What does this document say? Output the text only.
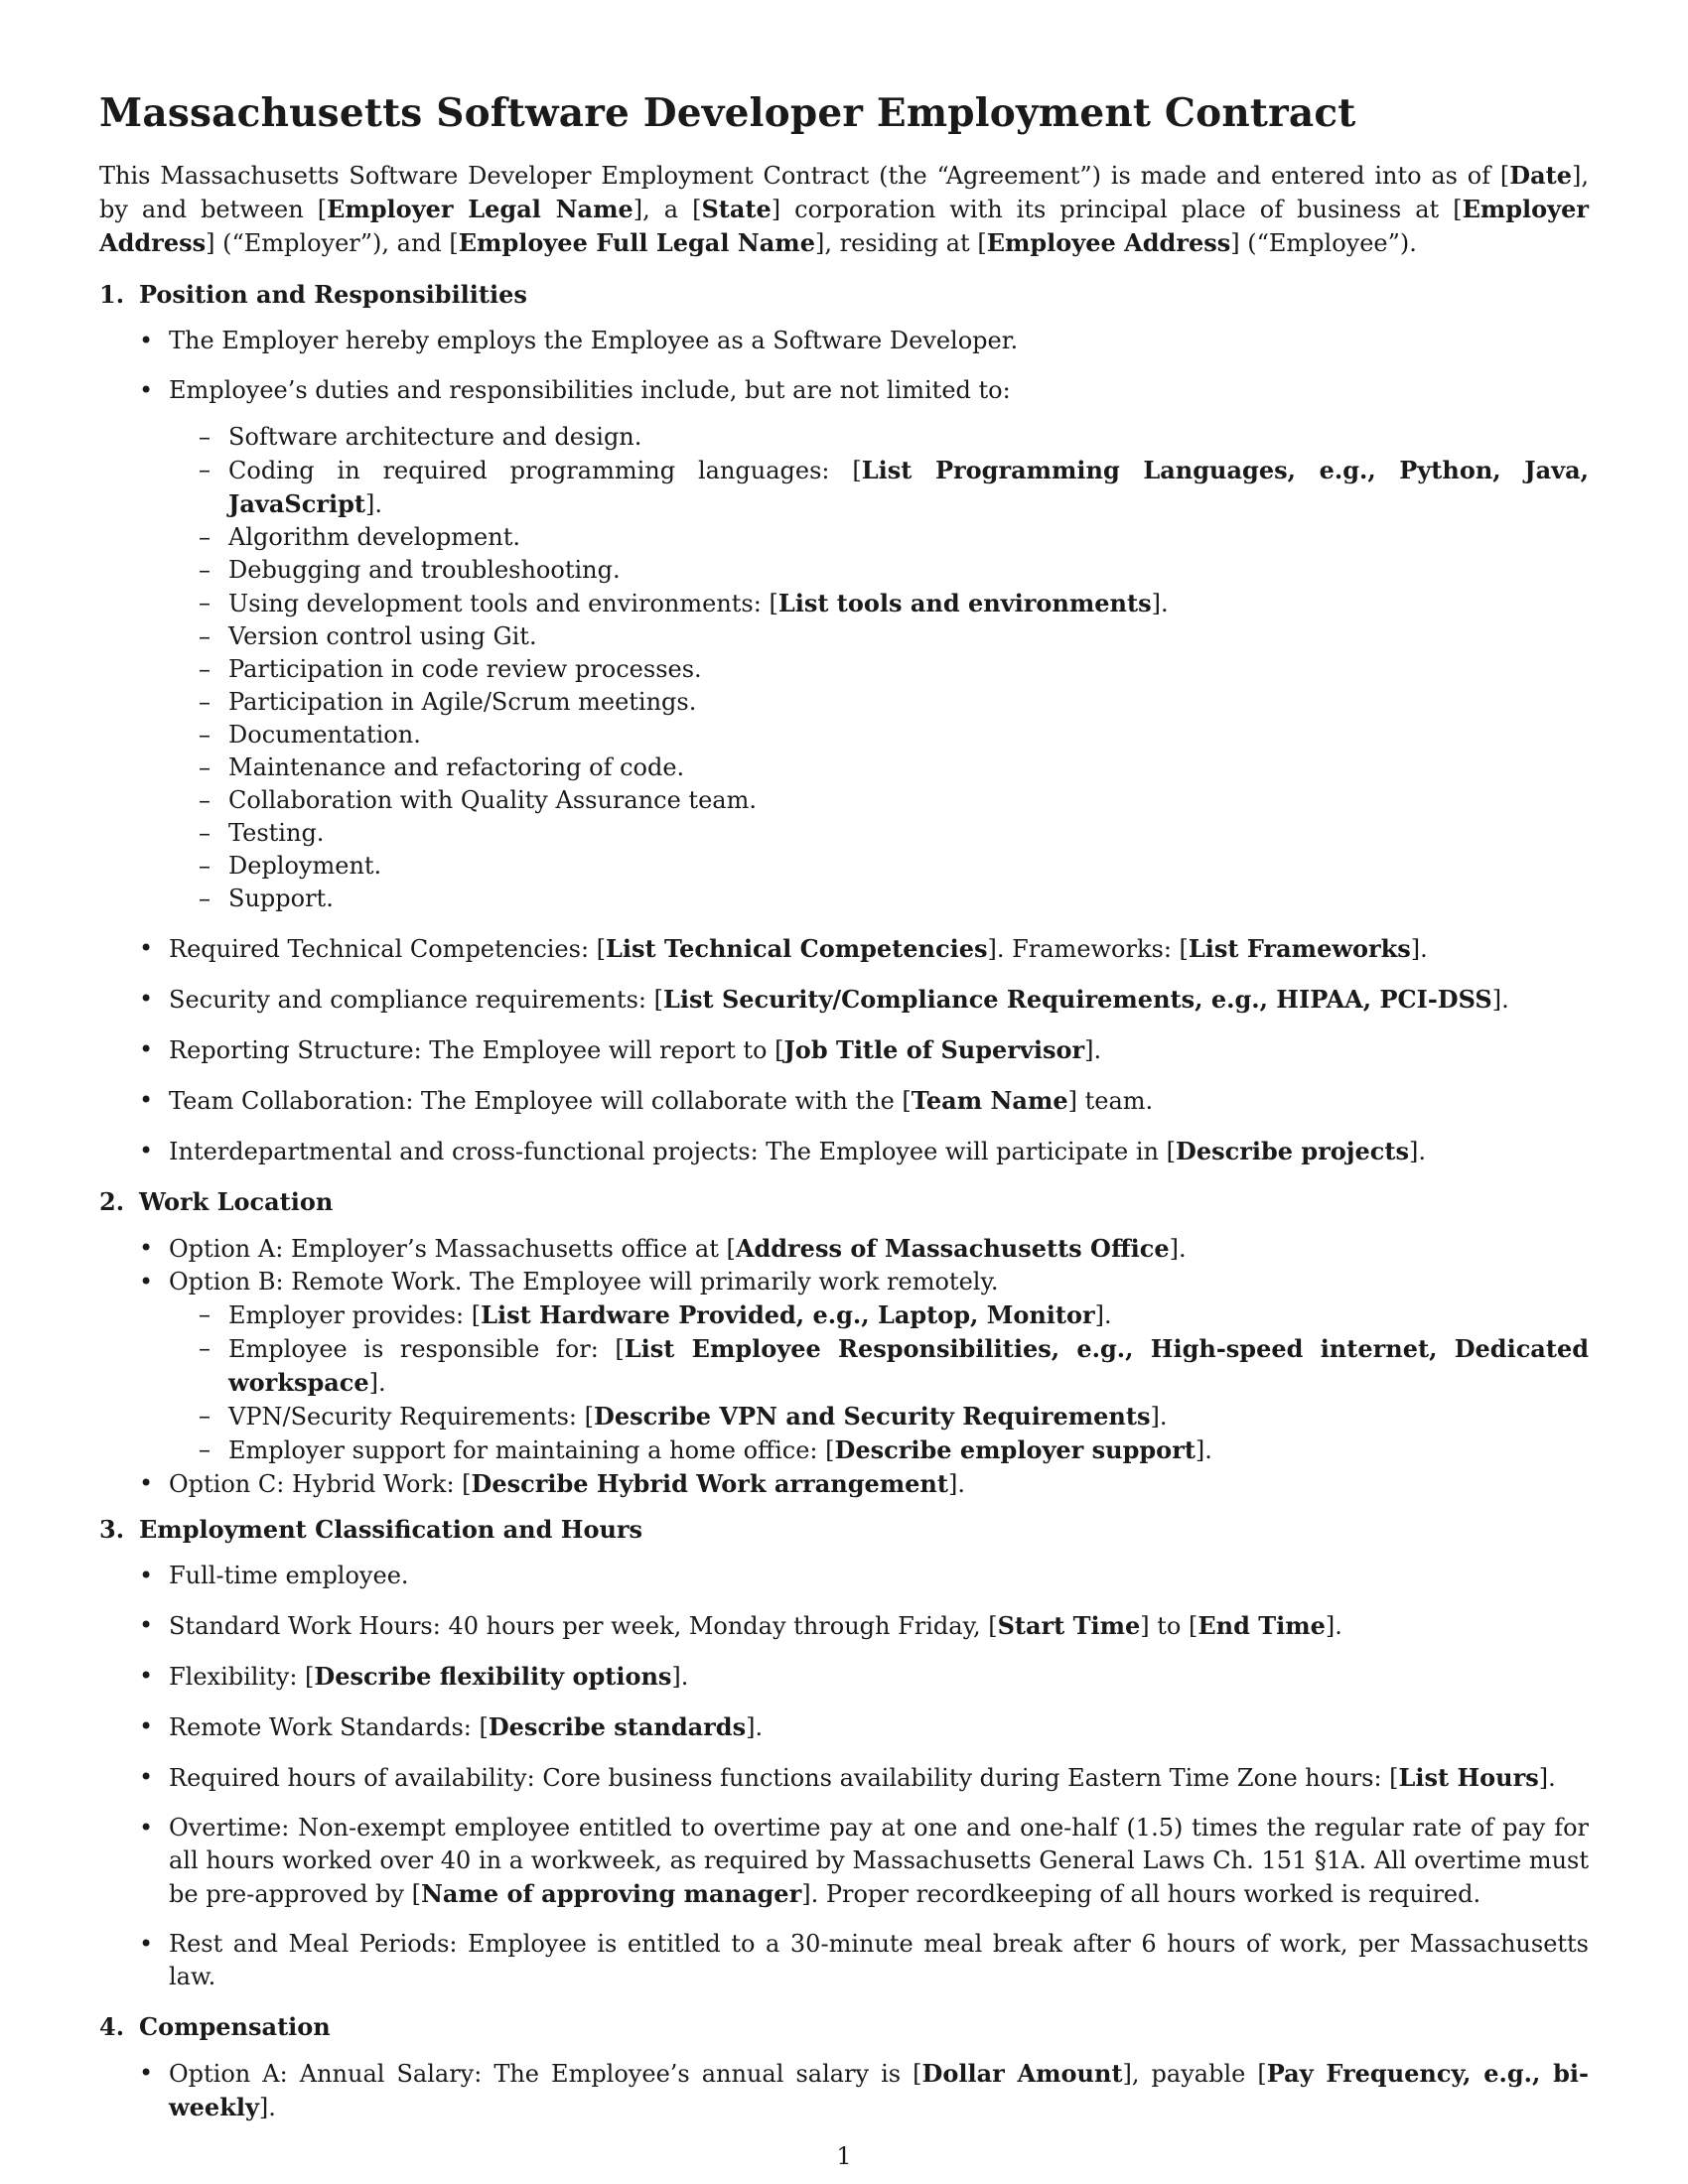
Massachusetts Software Developer Employment Contract

This Massachusetts Software Developer Employment Contract (the “Agreement”) is made and entered into as of [Date], by and between [Employer Legal Name], a [State] corporation with its principal place of business at [Employer Address] (“Employer”), and [Employee Full Legal Name], residing at [Employee Address] (“Employee”).

1. Position and Responsibilities
• The Employer hereby employs the Employee as a Software Developer.
• Employee’s duties and responsibilities include, but are not limited to:
– Software architecture and design.
– Coding in required programming languages: [List Programming Languages, e.g., Python, Java, JavaScript].
– Algorithm development.
– Debugging and troubleshooting.
– Using development tools and environments: [List tools and environments].
– Version control using Git.
– Participation in code review processes.
– Participation in Agile/Scrum meetings.
– Documentation.
– Maintenance and refactoring of code.
– Collaboration with Quality Assurance team.
– Testing.
– Deployment.
– Support.
• Required Technical Competencies: [List Technical Competencies]. Frameworks: [List Frameworks].
• Security and compliance requirements: [List Security/Compliance Requirements, e.g., HIPAA, PCI-DSS].
• Reporting Structure: The Employee will report to [Job Title of Supervisor].
• Team Collaboration: The Employee will collaborate with the [Team Name] team.
• Interdepartmental and cross-functional projects: The Employee will participate in [Describe projects].
2. Work Location
• Option A: Employer’s Massachusetts office at [Address of Massachusetts Office].
• Option B: Remote Work. The Employee will primarily work remotely.
– Employer provides: [List Hardware Provided, e.g., Laptop, Monitor].
– Employee is responsible for: [List Employee Responsibilities, e.g., High-speed internet, Dedicated workspace].
– VPN/Security Requirements: [Describe VPN and Security Requirements].
– Employer support for maintaining a home office: [Describe employer support].
• Option C: Hybrid Work: [Describe Hybrid Work arrangement].
3. Employment Classification and Hours
• Full-time employee.
• Standard Work Hours: 40 hours per week, Monday through Friday, [Start Time] to [End Time].
• Flexibility: [Describe flexibility options].
• Remote Work Standards: [Describe standards].
• Required hours of availability: Core business functions availability during Eastern Time Zone hours: [List Hours].
• Overtime: Non-exempt employee entitled to overtime pay at one and one-half (1.5) times the regular rate of pay for all hours worked over 40 in a workweek, as required by Massachusetts General Laws Ch. 151 §1A. All overtime must be pre-approved by [Name of approving manager]. Proper recordkeeping of all hours worked is required.
• Rest and Meal Periods: Employee is entitled to a 30-minute meal break after 6 hours of work, per Massachusetts law.
4. Compensation
• Option A: Annual Salary: The Employee’s annual salary is [Dollar Amount], payable [Pay Frequency, e.g., bi-weekly].
1
